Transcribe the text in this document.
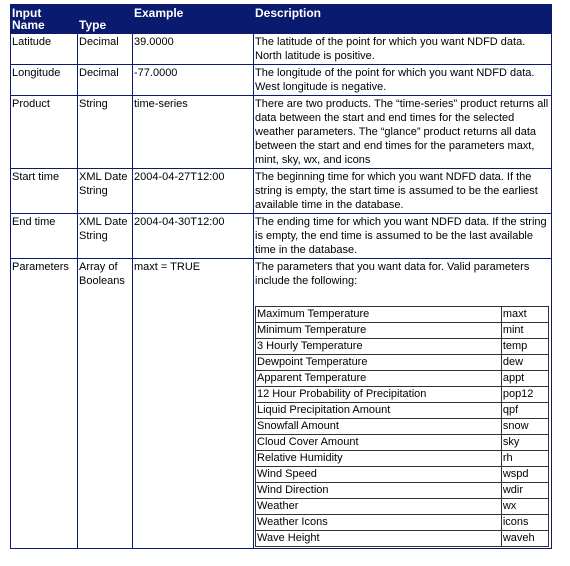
Input Name	Type	Example	Description
Latitude	Decimal	39.0000	The latitude of the point for which you want NDFD data. North latitude is positive.
Longitude	Decimal	-77.0000	The longitude of the point for which you want NDFD data. West longitude is negative.
Product	String	time-series	There are two products. The “time-series” product returns all data between the start and end times for the selected weather parameters. The “glance” product returns all data between the start and end times for the parameters maxt, mint, sky, wx, and icons
Start time	XML Date String	2004-04-27T12:00	The beginning time for which you want NDFD data. If the string is empty, the start time is assumed to be the earliest available time in the database.
End time	XML Date String	2004-04-30T12:00	The ending time for which you want NDFD data. If the string is empty, the end time is assumed to be the last available time in the database.
Parameters	Array of Booleans	maxt = TRUE	The parameters that you want data for. Valid parameters include the following:
Maximum Temperature	maxt
Minimum Temperature	mint
3 Hourly Temperature	temp
Dewpoint Temperature	dew
Apparent Temperature	appt
12 Hour Probability of Precipitation	pop12
Liquid Precipitation Amount	qpf
Snowfall Amount	snow
Cloud Cover Amount	sky
Relative Humidity	rh
Wind Speed	wspd
Wind Direction	wdir
Weather	wx
Weather Icons	icons
Wave Height	waveh
